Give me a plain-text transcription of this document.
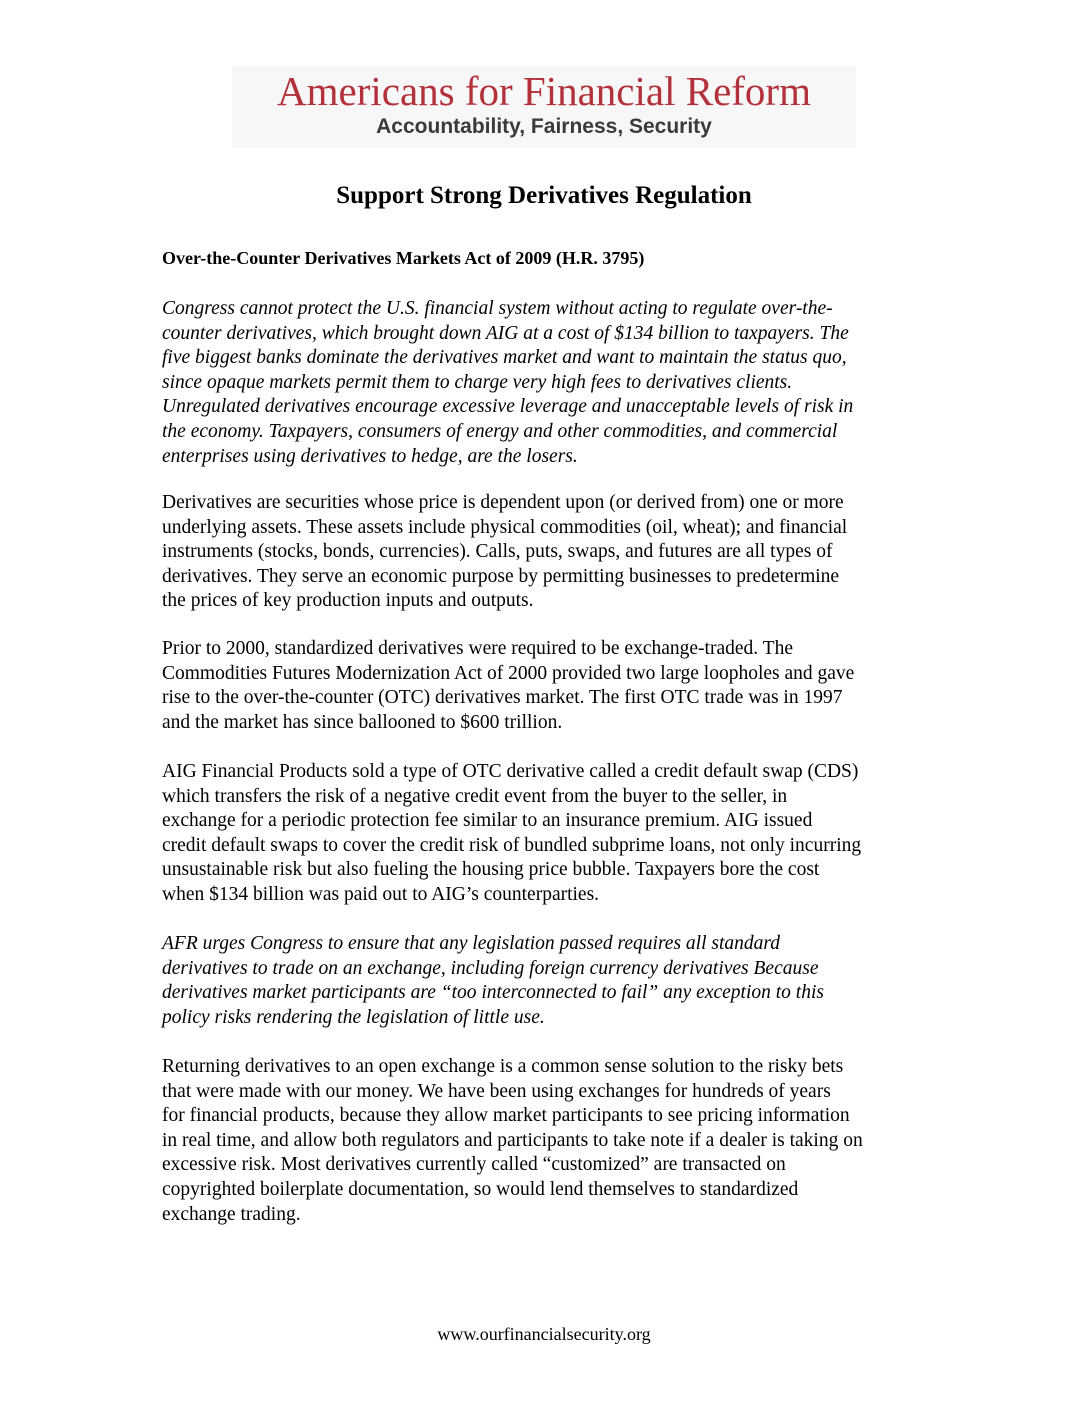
Americans for Financial Reform
Accountability, Fairness, Security
Support Strong Derivatives Regulation
Over-the-Counter Derivatives Markets Act of 2009 (H.R. 3795)
Congress cannot protect the U.S. financial system without acting to regulate over-the-
counter derivatives, which brought down AIG at a cost of $134 billion to taxpayers. The
five biggest banks dominate the derivatives market and want to maintain the status quo,
since opaque markets permit them to charge very high fees to derivatives clients.
Unregulated derivatives encourage excessive leverage and unacceptable levels of risk in
the economy. Taxpayers, consumers of energy and other commodities, and commercial
enterprises using derivatives to hedge, are the losers.
Derivatives are securities whose price is dependent upon (or derived from) one or more
underlying assets. These assets include physical commodities (oil, wheat); and financial
instruments (stocks, bonds, currencies). Calls, puts, swaps, and futures are all types of
derivatives. They serve an economic purpose by permitting businesses to predetermine
the prices of key production inputs and outputs.
Prior to 2000, standardized derivatives were required to be exchange-traded. The
Commodities Futures Modernization Act of 2000 provided two large loopholes and gave
rise to the over-the-counter (OTC) derivatives market. The first OTC trade was in 1997
and the market has since ballooned to $600 trillion.
AIG Financial Products sold a type of OTC derivative called a credit default swap (CDS)
which transfers the risk of a negative credit event from the buyer to the seller, in
exchange for a periodic protection fee similar to an insurance premium. AIG issued
credit default swaps to cover the credit risk of bundled subprime loans, not only incurring
unsustainable risk but also fueling the housing price bubble. Taxpayers bore the cost
when $134 billion was paid out to AIG’s counterparties.
AFR urges Congress to ensure that any legislation passed requires all standard
derivatives to trade on an exchange, including foreign currency derivatives Because
derivatives market participants are “too interconnected to fail” any exception to this
policy risks rendering the legislation of little use.
Returning derivatives to an open exchange is a common sense solution to the risky bets
that were made with our money. We have been using exchanges for hundreds of years
for financial products, because they allow market participants to see pricing information
in real time, and allow both regulators and participants to take note if a dealer is taking on
excessive risk. Most derivatives currently called “customized” are transacted on
copyrighted boilerplate documentation, so would lend themselves to standardized
exchange trading.
www.ourfinancialsecurity.org
